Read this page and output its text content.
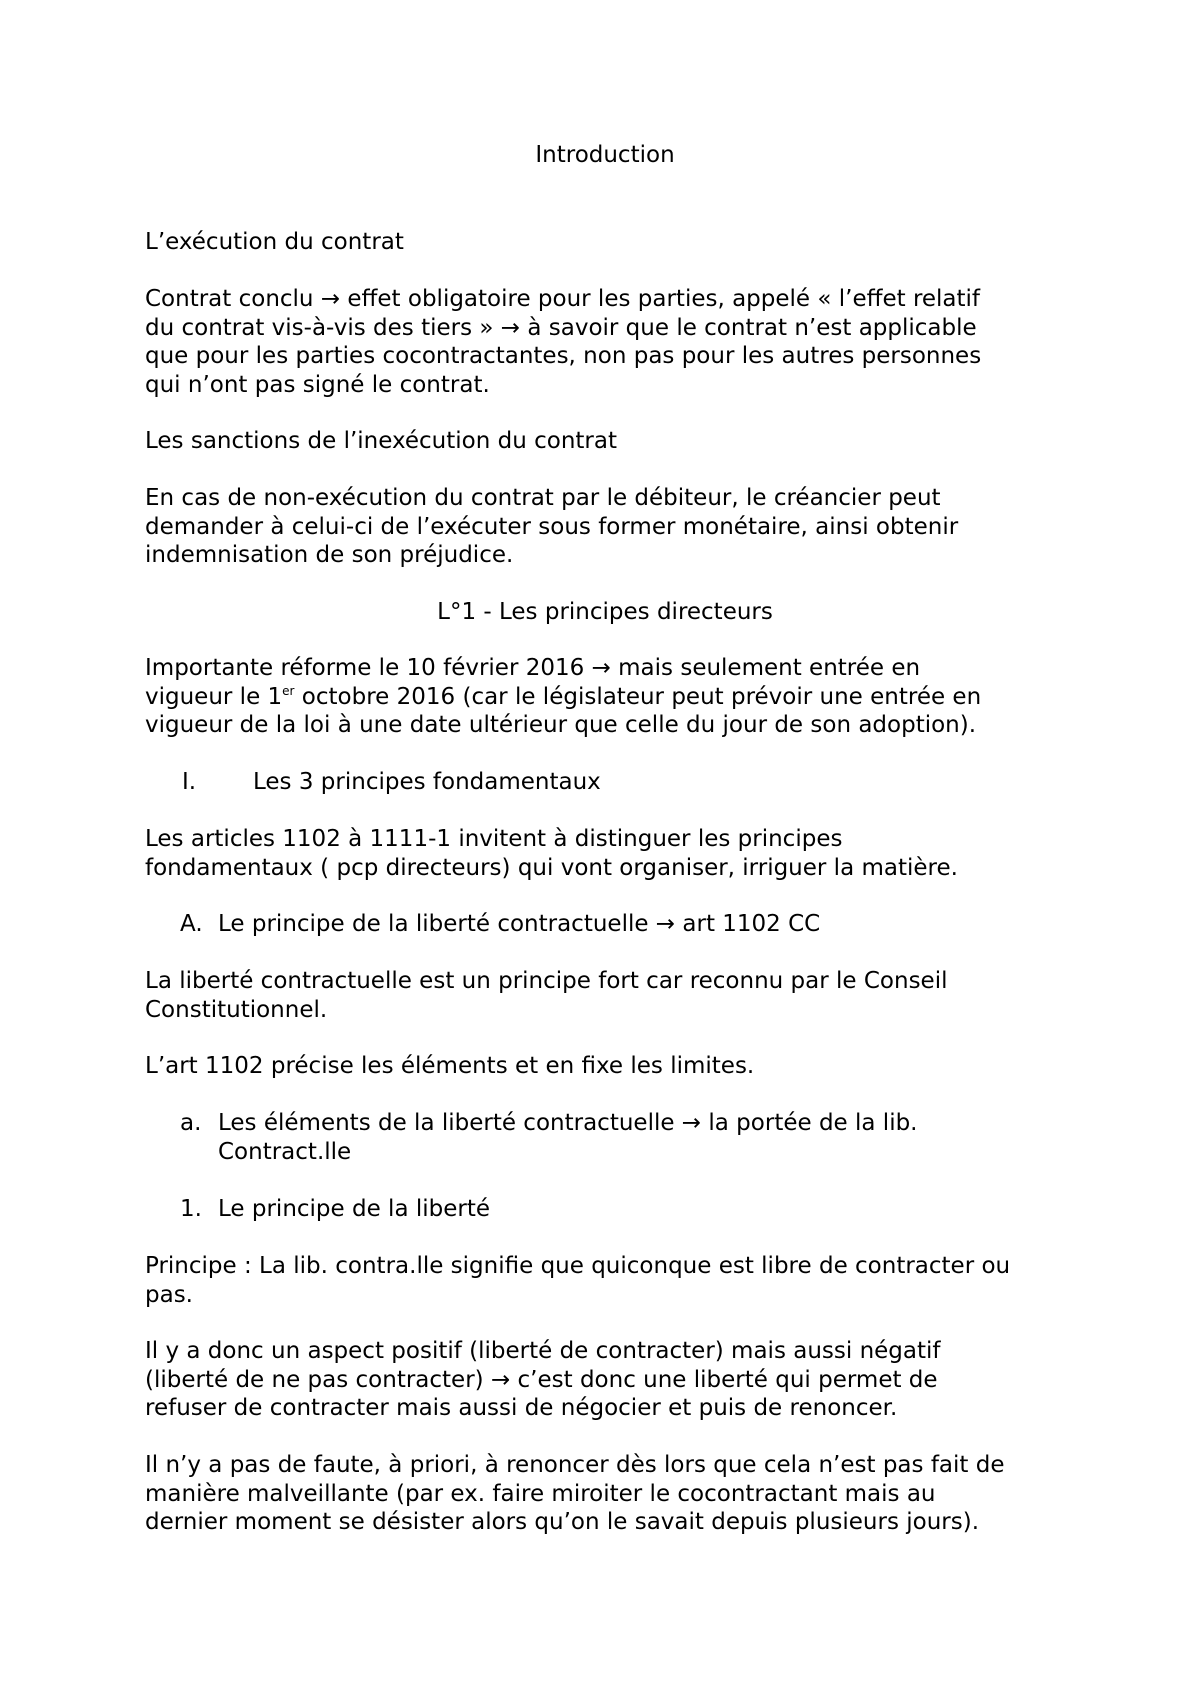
Introduction
L’exécution du contrat
Contrat conclu → effet obligatoire pour les parties, appelé « l’effet relatif
du contrat vis-à-vis des tiers » → à savoir que le contrat n’est applicable
que pour les parties cocontractantes, non pas pour les autres personnes
qui n’ont pas signé le contrat.
Les sanctions de l’inexécution du contrat
En cas de non-exécution du contrat par le débiteur, le créancier peut
demander à celui-ci de l’exécuter sous former monétaire, ainsi obtenir
indemnisation de son préjudice.
L°1 - Les principes directeurs
Importante réforme le 10 février 2016 → mais seulement entrée en
vigueur le 1er octobre 2016 (car le législateur peut prévoir une entrée en
vigueur de la loi à une date ultérieur que celle du jour de son adoption).
I. Les 3 principes fondamentaux
Les articles 1102 à 1111-1 invitent à distinguer les principes
fondamentaux ( pcp directeurs) qui vont organiser, irriguer la matière.
A. Le principe de la liberté contractuelle → art 1102 CC
La liberté contractuelle est un principe fort car reconnu par le Conseil
Constitutionnel.
L’art 1102 précise les éléments et en fixe les limites.
a. Les éléments de la liberté contractuelle → la portée de la lib.
Contract.lle
1. Le principe de la liberté
Principe : La lib. contra.lle signifie que quiconque est libre de contracter ou
pas.
Il y a donc un aspect positif (liberté de contracter) mais aussi négatif
(liberté de ne pas contracter) → c’est donc une liberté qui permet de
refuser de contracter mais aussi de négocier et puis de renoncer.
Il n’y a pas de faute, à priori, à renoncer dès lors que cela n’est pas fait de
manière malveillante (par ex. faire miroiter le cocontractant mais au
dernier moment se désister alors qu’on le savait depuis plusieurs jours).
